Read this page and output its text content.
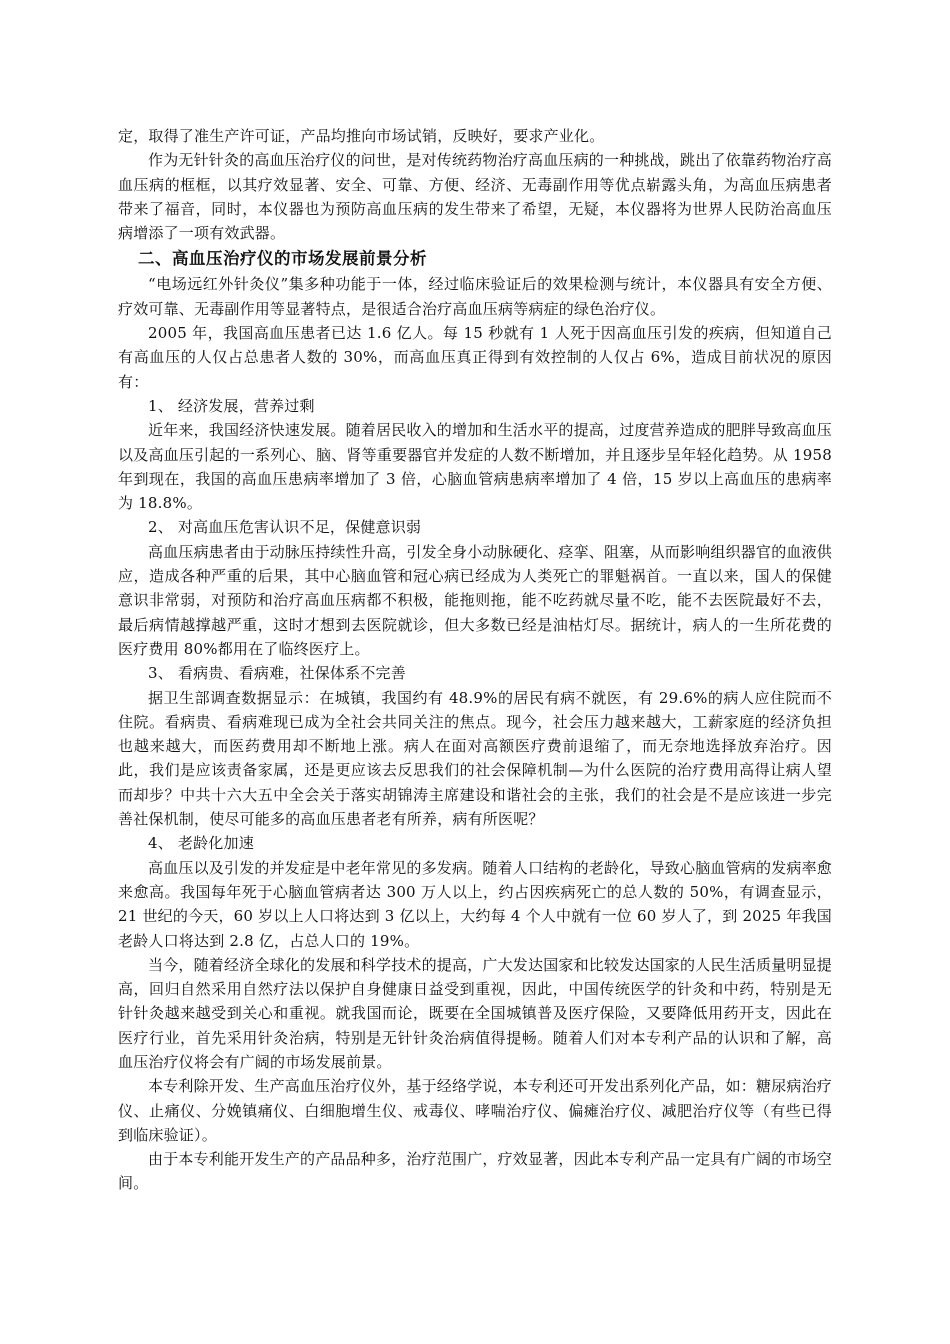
定，取得了准生产许可证，产品均推向市场试销，反映好，要求产业化。

作为无针针灸的高血压治疗仪的问世，是对传统药物治疗高血压病的一种挑战，跳出了依靠药物治疗高血压病的框框，以其疗效显著、安全、可靠、方便、经济、无毒副作用等优点崭露头角，为高血压病患者带来了福音，同时，本仪器也为预防高血压病的发生带来了希望，无疑，本仪器将为世界人民防治高血压病增添了一项有效武器。

二、高血压治疗仪的市场发展前景分析

“电场远红外针灸仪”集多种功能于一体，经过临床验证后的效果检测与统计，本仪器具有安全方便、疗效可靠、无毒副作用等显著特点，是很适合治疗高血压病等病症的绿色治疗仪。

2005 年，我国高血压患者已达 1.6 亿人。每 15 秒就有 1 人死于因高血压引发的疾病，但知道自己有高血压的人仅占总患者人数的 30%，而高血压真正得到有效控制的人仅占 6%，造成目前状况的原因有：

1、 经济发展，营养过剩

近年来，我国经济快速发展。随着居民收入的增加和生活水平的提高，过度营养造成的肥胖导致高血压以及高血压引起的一系列心、脑、肾等重要器官并发症的人数不断增加，并且逐步呈年轻化趋势。从 1958 年到现在，我国的高血压患病率增加了 3 倍，心脑血管病患病率增加了 4 倍，15 岁以上高血压的患病率为 18.8%。

2、 对高血压危害认识不足，保健意识弱

高血压病患者由于动脉压持续性升高，引发全身小动脉硬化、痉挛、阻塞，从而影响组织器官的血液供应，造成各种严重的后果，其中心脑血管和冠心病已经成为人类死亡的罪魁祸首。一直以来，国人的保健意识非常弱，对预防和治疗高血压病都不积极，能拖则拖，能不吃药就尽量不吃，能不去医院最好不去，最后病情越撑越严重，这时才想到去医院就诊，但大多数已经是油枯灯尽。据统计，病人的一生所花费的医疗费用 80%都用在了临终医疗上。

3、 看病贵、看病难，社保体系不完善

据卫生部调查数据显示：在城镇，我国约有 48.9%的居民有病不就医，有 29.6%的病人应住院而不住院。看病贵、看病难现已成为全社会共同关注的焦点。现今，社会压力越来越大，工薪家庭的经济负担也越来越大，而医药费用却不断地上涨。病人在面对高额医疗费前退缩了，而无奈地选择放弃治疗。因此，我们是应该责备家属，还是更应该去反思我们的社会保障机制—为什么医院的治疗费用高得让病人望而却步？中共十六大五中全会关于落实胡锦涛主席建设和谐社会的主张，我们的社会是不是应该进一步完善社保机制，使尽可能多的高血压患者老有所养，病有所医呢？

4、 老龄化加速

高血压以及引发的并发症是中老年常见的多发病。随着人口结构的老龄化，导致心脑血管病的发病率愈来愈高。我国每年死于心脑血管病者达 300 万人以上，约占因疾病死亡的总人数的 50%，有调查显示，21 世纪的今天，60 岁以上人口将达到 3 亿以上，大约每 4 个人中就有一位 60 岁人了，到 2025 年我国老龄人口将达到 2.8 亿，占总人口的 19%。

当今，随着经济全球化的发展和科学技术的提高，广大发达国家和比较发达国家的人民生活质量明显提高，回归自然采用自然疗法以保护自身健康日益受到重视，因此，中国传统医学的针灸和中药，特别是无针针灸越来越受到关心和重视。就我国而论，既要在全国城镇普及医疗保险，又要降低用药开支，因此在医疗行业，首先采用针灸治病，特别是无针针灸治病值得提畅。随着人们对本专利产品的认识和了解，高血压治疗仪将会有广阔的市场发展前景。

本专利除开发、生产高血压治疗仪外，基于经络学说，本专利还可开发出系列化产品，如：糖尿病治疗仪、止痛仪、分娩镇痛仪、白细胞增生仪、戒毒仪、哮喘治疗仪、偏瘫治疗仪、减肥治疗仪等（有些已得到临床验证）。

由于本专利能开发生产的产品品种多，治疗范围广，疗效显著，因此本专利产品一定具有广阔的市场空间。
